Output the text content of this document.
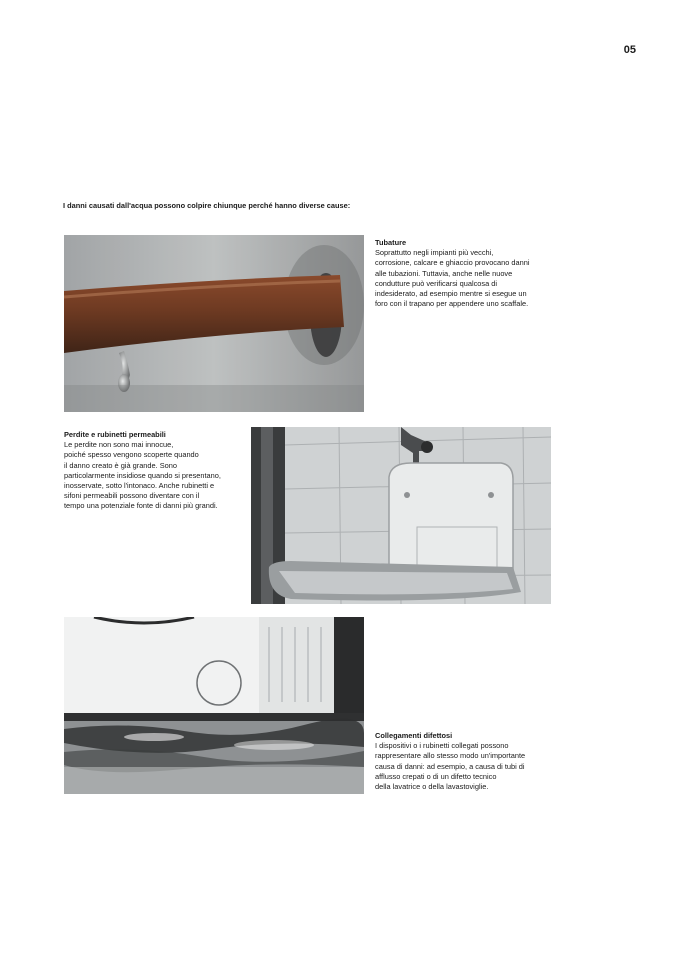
05
I danni causati dall'acqua possono colpire chiunque perché hanno diverse cause:
Tubature
Soprattutto negli impianti più vecchi,
corrosione, calcare e ghiaccio provocano danni
alle tubazioni. Tuttavia, anche nelle nuove
condutture può verificarsi qualcosa di
indesiderato, ad esempio mentre si esegue un
foro con il trapano per appendere uno scaffale.
Perdite e rubinetti permeabili
Le perdite non sono mai innocue,
poiché spesso vengono scoperte quando
il danno creato è già grande. Sono
particolarmente insidiose quando si presentano,
inosservate, sotto l'intonaco. Anche rubinetti e
sifoni permeabili possono diventare con il
tempo una potenziale fonte di danni più grandi.
Collegamenti difettosi
I dispositivi o i rubinetti collegati possono
rappresentare allo stesso modo un'importante
causa di danni: ad esempio, a causa di tubi di
afflusso crepati o di un difetto tecnico
della lavatrice o della lavastoviglie.
